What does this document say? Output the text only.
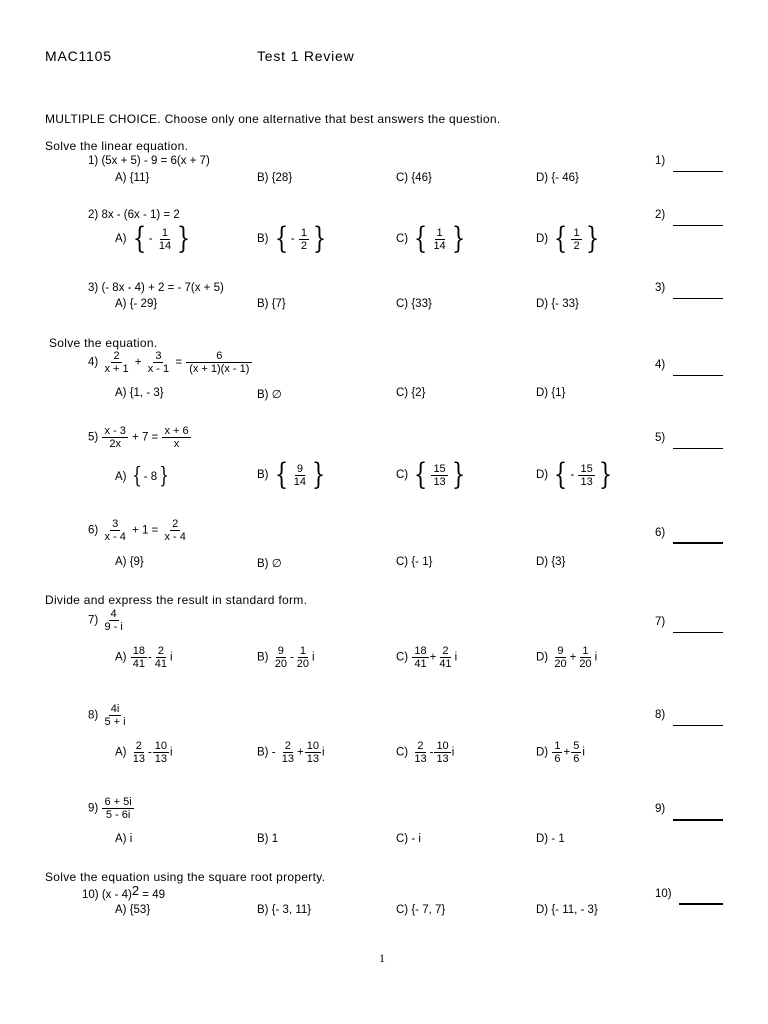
MAC1105	Test 1 Review
MULTIPLE CHOICE. Choose only one alternative that best answers the question.
Solve the linear equation.
1) (5x + 5) - 9 = 6(x + 7)
A) {11}	B) {28}	C) {46}	D) {- 46}
2) 8x - (6x - 1) = 2
A) { -
$\frac{1}{14}$ }	B) { -
$\frac{1}{2}$ }	C) { $\frac{1}{14}$ }	D) { $\frac{1}{2}$ }
3) (- 8x - 4) + 2 = - 7(x + 5)
A) {- 29}	B) {7}	C) {33}	D) {- 33}
Solve the equation.
$4) \frac{2}{x + 1} + \frac{3}{x - 1} = \frac{6}{(x + 1)(x - 1)}$
A) {1, - 3}	B) ∅	C) {2}	D) {1}
$5) \frac{x - 3}{2x} + 7 = \frac{x + 6}{x}$
A) { - 8 }	B) { $\frac{9}{14}$ }	C) { $\frac{15}{13}$ }	D) { -
$\frac{15}{13}$ }
$6) \frac{3}{x - 4} + 1 = \frac{2}{x - 4}$
A) {9}	B) ∅	C) {- 1}	D) {3}
Divide and express the result in standard form.
$7) \frac{4}{9 - i}$
$A) \frac{18}{41} - \frac{2}{41}$ i	$B) \frac{9}{20} - \frac{1}{20}$ i	$C) \frac{18}{41} + \frac{2}{41}$ i	$D) \frac{9}{20} + \frac{1}{20}$ i
$8) \frac{4i}{5 + i}$
$A) \frac{2}{13} - \frac{10}{13}$ i	$B) - \frac{2}{13} + \frac{10}{13}$ i	$C) \frac{2}{13} - \frac{10}{13}$ i	$D) \frac{1}{6} + \frac{5}{6}$ i
$9) \frac{6 + 5i}{5 - 6i}$
A) i	B) 1	C) - i	D) - 1
Solve the equation using the square root property.
10) (x - 4)2 = 49
A) {53}	B) {- 3, 11}	C) {- 7, 7}	D) {- 11, - 3}
1)
2)
3)
4)
5)
6)
7)
8)
9)
10)
1
